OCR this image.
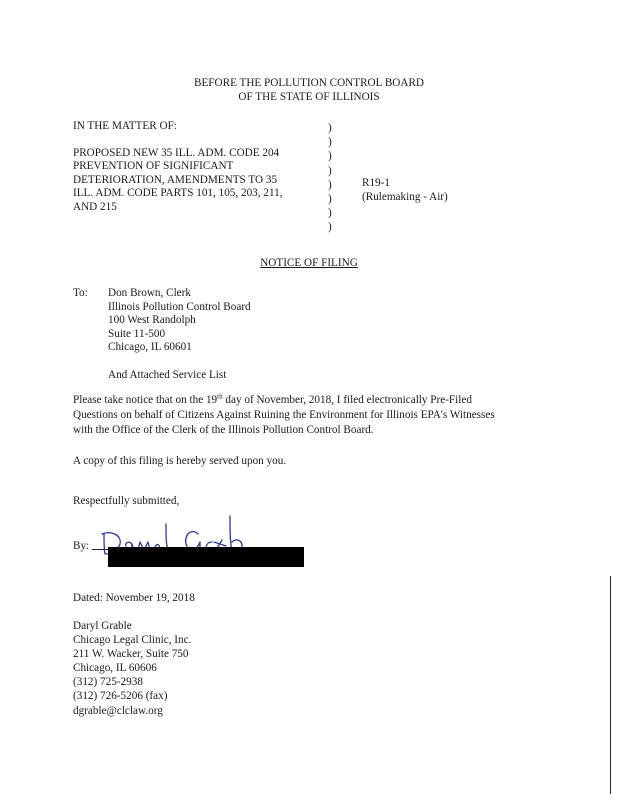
BEFORE THE POLLUTION CONTROL BOARD
OF THE STATE OF ILLINOIS
IN THE MATTER OF:
PROPOSED NEW 35 ILL. ADM. CODE 204
PREVENTION OF SIGNIFICANT
DETERIORATION, AMENDMENTS TO 35
ILL. ADM. CODE PARTS 101, 105, 203, 211,
AND 215
)
)
)
)
)
)
)
)
R19-1
(Rulemaking - Air)
NOTICE OF FILING
To: Don Brown, Clerk
Illinois Pollution Control Board
100 West Randolph
Suite 11-500
Chicago, IL 60601
And Attached Service List
Please take notice that on the 19th day of November, 2018, I filed electronically Pre-Filed
Questions on behalf of Citizens Against Ruining the Environment for Illinois EPA's Witnesses
with the Office of the Clerk of the Illinois Pollution Control Board.
A copy of this filing is hereby served upon you.
Respectfully submitted,
By:
Dated: November 19, 2018
Daryl Grable
Chicago Legal Clinic, Inc.
211 W. Wacker, Suite 750
Chicago, IL 60606
(312) 725-2938
(312) 726-5206 (fax)
dgrable@clclaw.org
